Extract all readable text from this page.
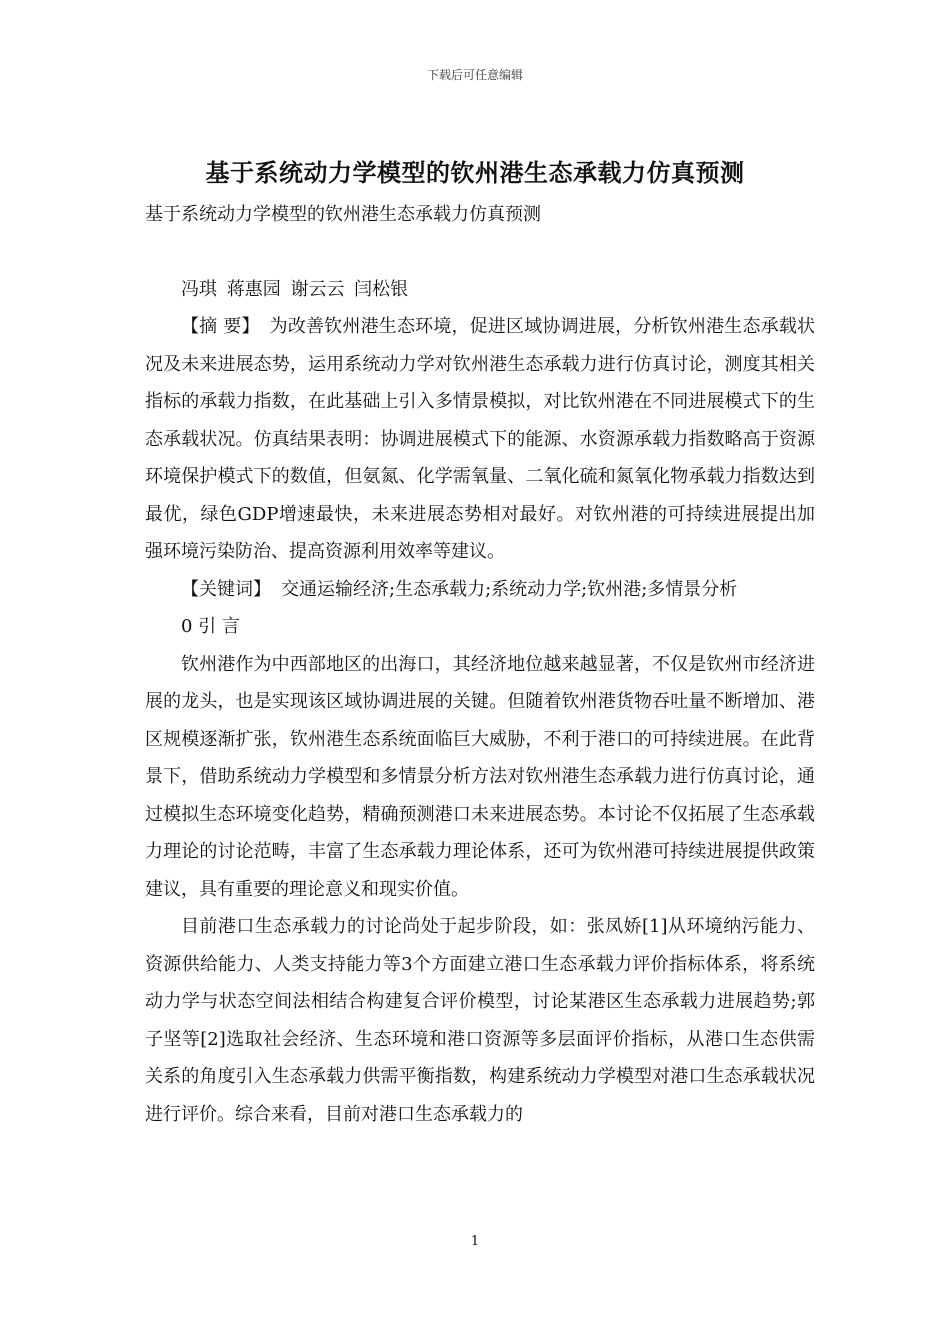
下载后可任意编辑
基于系统动力学模型的钦州港生态承载力仿真预测

基于系统动力学模型的钦州港生态承载力仿真预测

冯琪 蒋惠园 谢云云 闫松银

【摘 要】 为改善钦州港生态环境，促进区域协调进展，分析钦州港生态承载状况及未来进展态势，运用系统动力学对钦州港生态承载力进行仿真讨论，测度其相关指标的承载力指数，在此基础上引入多情景模拟，对比钦州港在不同进展模式下的生态承载状况。仿真结果表明：协调进展模式下的能源、水资源承载力指数略高于资源环境保护模式下的数值，但氨氮、化学需氧量、二氧化硫和氮氧化物承载力指数达到最优，绿色GDP增速最快，未来进展态势相对最好。对钦州港的可持续进展提出加强环境污染防治、提高资源利用效率等建议。

【关键词】 交通运输经济;生态承载力;系统动力学;钦州港;多情景分析

0 引 言

钦州港作为中西部地区的出海口，其经济地位越来越显著，不仅是钦州市经济进展的龙头，也是实现该区域协调进展的关键。但随着钦州港货物吞吐量不断增加、港区规模逐渐扩张，钦州港生态系统面临巨大威胁，不利于港口的可持续进展。在此背景下，借助系统动力学模型和多情景分析方法对钦州港生态承载力进行仿真讨论，通过模拟生态环境变化趋势，精确预测港口未来进展态势。本讨论不仅拓展了生态承载力理论的讨论范畴，丰富了生态承载力理论体系，还可为钦州港可持续进展提供政策建议，具有重要的理论意义和现实价值。

目前港口生态承载力的讨论尚处于起步阶段，如：张凤娇[1]从环境纳污能力、资源供给能力、人类支持能力等3个方面建立港口生态承载力评价指标体系，将系统动力学与状态空间法相结合构建复合评价模型，讨论某港区生态承载力进展趋势;郭子坚等[2]选取社会经济、生态环境和港口资源等多层面评价指标，从港口生态供需关系的角度引入生态承载力供需平衡指数，构建系统动力学模型对港口生态承载状况进行评价。综合来看，目前对港口生态承载力的

1
